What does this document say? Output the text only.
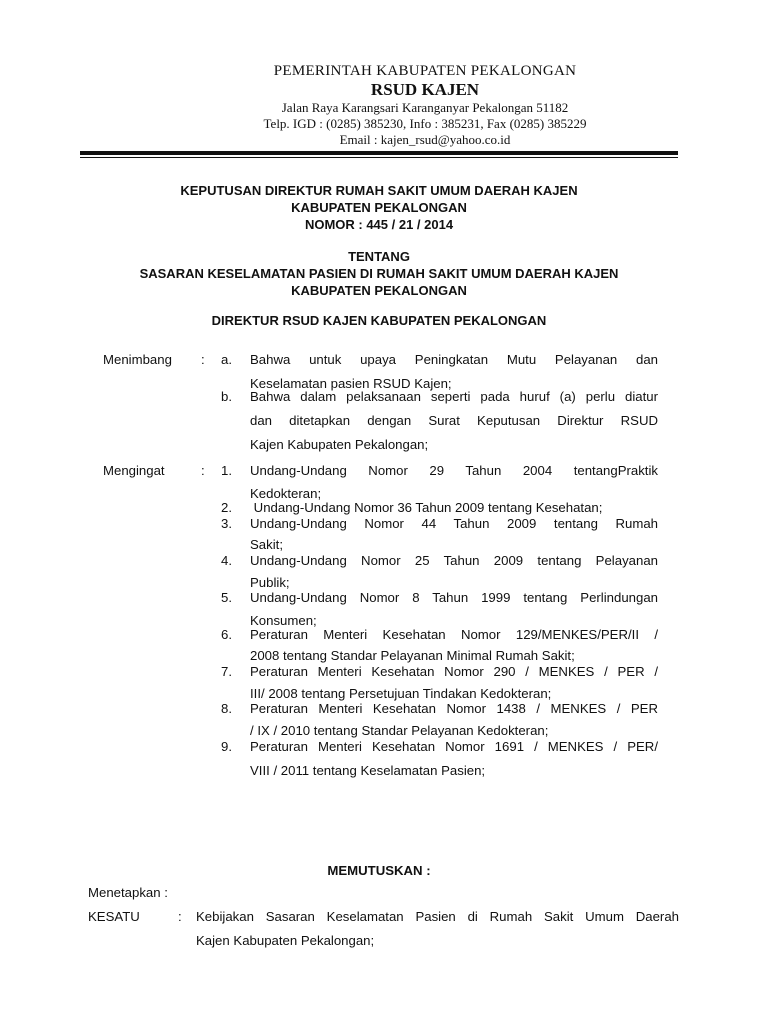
PEMERINTAH KABUPATEN PEKALONGAN
RSUD KAJEN
Jalan Raya Karangsari Karanganyar Pekalongan 51182
Telp. IGD : (0285) 385230, Info : 385231, Fax (0285) 385229
Email : kajen_rsud@yahoo.co.id
KEPUTUSAN DIREKTUR RUMAH SAKIT UMUM DAERAH KAJEN
KABUPATEN PEKALONGAN
NOMOR : 445 / 21 / 2014
TENTANG
SASARAN KESELAMATAN PASIEN DI RUMAH SAKIT UMUM DAERAH KAJEN
KABUPATEN PEKALONGAN
DIREKTUR RSUD KAJEN KABUPATEN PEKALONGAN
Menimbang : a. Bahwa untuk upaya Peningkatan Mutu Pelayanan dan
Keselamatan pasien RSUD Kajen;
b. Bahwa dalam pelaksanaan seperti pada huruf (a) perlu diatur
dan ditetapkan dengan Surat Keputusan Direktur RSUD
Kajen Kabupaten Pekalongan;
Mengingat	: 1. Undang-Undang Nomor 29 Tahun 2004 tentangPraktik
Kedokteran;
2. Undang-Undang Nomor 36 Tahun 2009 tentang Kesehatan;
3. Undang-Undang Nomor 44 Tahun 2009 tentang Rumah
Sakit;
4. Undang-Undang Nomor 25 Tahun 2009 tentang Pelayanan
Publik;
5. Undang-Undang Nomor 8 Tahun 1999 tentang Perlindungan
Konsumen;
6. Peraturan Menteri Kesehatan Nomor 129/MENKES/PER/II /
2008 tentang Standar Pelayanan Minimal Rumah Sakit;
7. Peraturan Menteri Kesehatan Nomor 290 / MENKES / PER /
III/ 2008 tentang Persetujuan Tindakan Kedokteran;
8. Peraturan Menteri Kesehatan Nomor 1438 / MENKES / PER
/ IX / 2010 tentang Standar Pelayanan Kedokteran;
9. Peraturan Menteri Kesehatan Nomor 1691 / MENKES / PER/
VIII / 2011 tentang Keselamatan Pasien;
MEMUTUSKAN :
Menetapkan :
KESATU	: Kebijakan Sasaran Keselamatan Pasien di Rumah Sakit Umum Daerah
Kajen Kabupaten Pekalongan;
